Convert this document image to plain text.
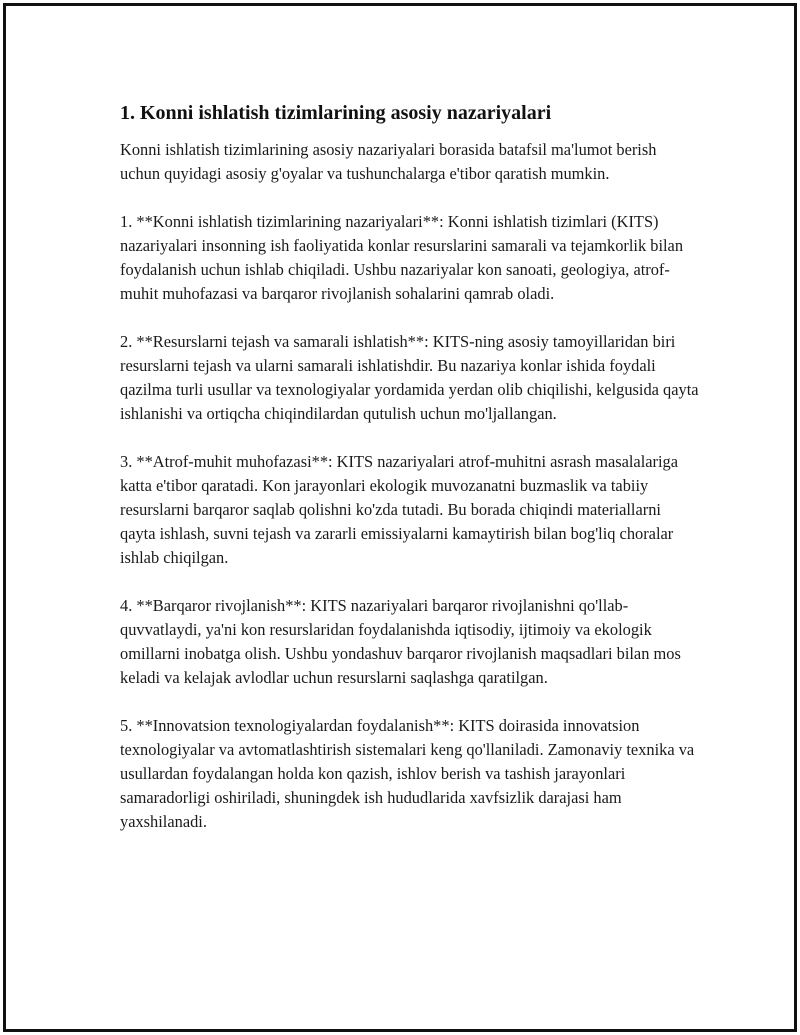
1. Konni ishlatish tizimlarining asosiy nazariyalari

Konni ishlatish tizimlarining asosiy nazariyalari borasida batafsil ma'lumot berish uchun quyidagi asosiy g'oyalar va tushunchalarga e'tibor qaratish mumkin.

1. **Konni ishlatish tizimlarining nazariyalari**: Konni ishlatish tizimlari (KITS) nazariyalari insonning ish faoliyatida konlar resurslarini samarali va tejamkorlik bilan foydalanish uchun ishlab chiqiladi. Ushbu nazariyalar kon sanoati, geologiya, atrof-muhit muhofazasi va barqaror rivojlanish sohalarini qamrab oladi.

2. **Resurslarni tejash va samarali ishlatish**: KITS-ning asosiy tamoyillaridan biri resurslarni tejash va ularni samarali ishlatishdir. Bu nazariya konlar ishida foydali qazilma turli usullar va texnologiyalar yordamida yerdan olib chiqilishi, kelgusida qayta ishlanishi va ortiqcha chiqindilardan qutulish uchun mo'ljallangan.

3. **Atrof-muhit muhofazasi**: KITS nazariyalari atrof-muhitni asrash masalalariga katta e'tibor qaratadi. Kon jarayonlari ekologik muvozanatni buzmaslik va tabiiy resurslarni barqaror saqlab qolishni ko'zda tutadi. Bu borada chiqindi materiallarni qayta ishlash, suvni tejash va zararli emissiyalarni kamaytirish bilan bog'liq choralar ishlab chiqilgan.

4. **Barqaror rivojlanish**: KITS nazariyalari barqaror rivojlanishni qo'llab-quvvatlaydi, ya'ni kon resurslaridan foydalanishda iqtisodiy, ijtimoiy va ekologik omillarni inobatga olish. Ushbu yondashuv barqaror rivojlanish maqsadlari bilan mos keladi va kelajak avlodlar uchun resurslarni saqlashga qaratilgan.

5. **Innovatsion texnologiyalardan foydalanish**: KITS doirasida innovatsion texnologiyalar va avtomatlashtirish sistemalari keng qo'llaniladi. Zamonaviy texnika va usullardan foydalangan holda kon qazish, ishlov berish va tashish jarayonlari samaradorligi oshiriladi, shuningdek ish hududlarida xavfsizlik darajasi ham yaxshilanadi.
